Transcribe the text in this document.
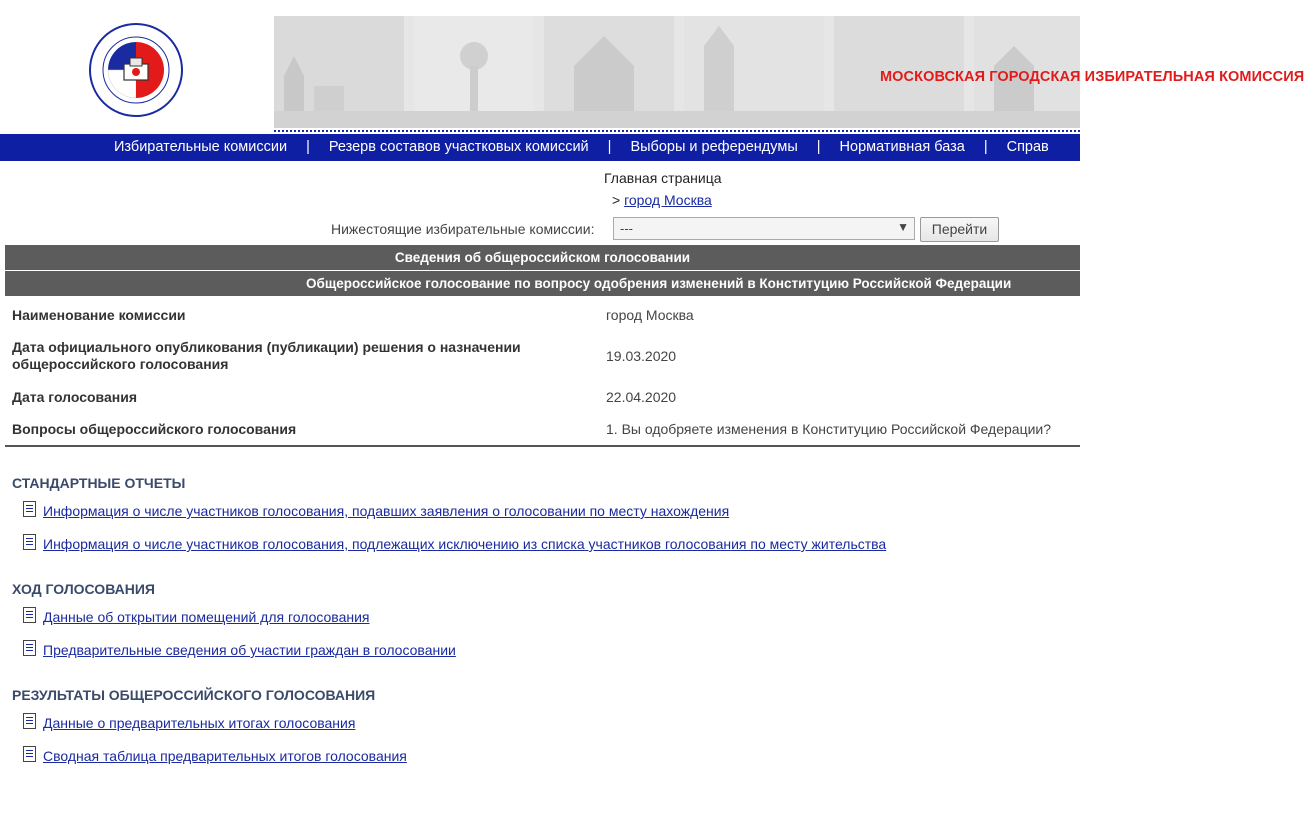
МОСКОВСКАЯ ГОРОДСКАЯ ИЗБИРАТЕЛЬНАЯ КОМИССИЯ
Избирательные комиссии | Резерв составов участковых комиссий | Выборы и референдумы | Нормативная база | Справ
Главная страница
> город Москва
Нижестоящие избирательные комиссии: ---	▼	Перейти
Сведения об общероссийском голосовании
Общероссийское голосование по вопросу одобрения изменений в Конституцию Российской Федерации
Наименование комиссии	город Москва
Дата официального опубликования (публикации) решения о назначении общероссийского голосования	19.03.2020
Дата голосования	22.04.2020
Вопросы общероссийского голосования	1. Вы одобряете изменения в Конституцию Российской Федерации?
СТАНДАРТНЫЕ ОТЧЕТЫ
Информация о числе участников голосования, подавших заявления о голосовании по месту нахождения
Информация о числе участников голосования, подлежащих исключению из списка участников голосования по месту жительства
ХОД ГОЛОСОВАНИЯ
Данные об открытии помещений для голосования
Предварительные сведения об участии граждан в голосовании
РЕЗУЛЬТАТЫ ОБЩЕРОССИЙСКОГО ГОЛОСОВАНИЯ
Данные о предварительных итогах голосования
Сводная таблица предварительных итогов голосования
